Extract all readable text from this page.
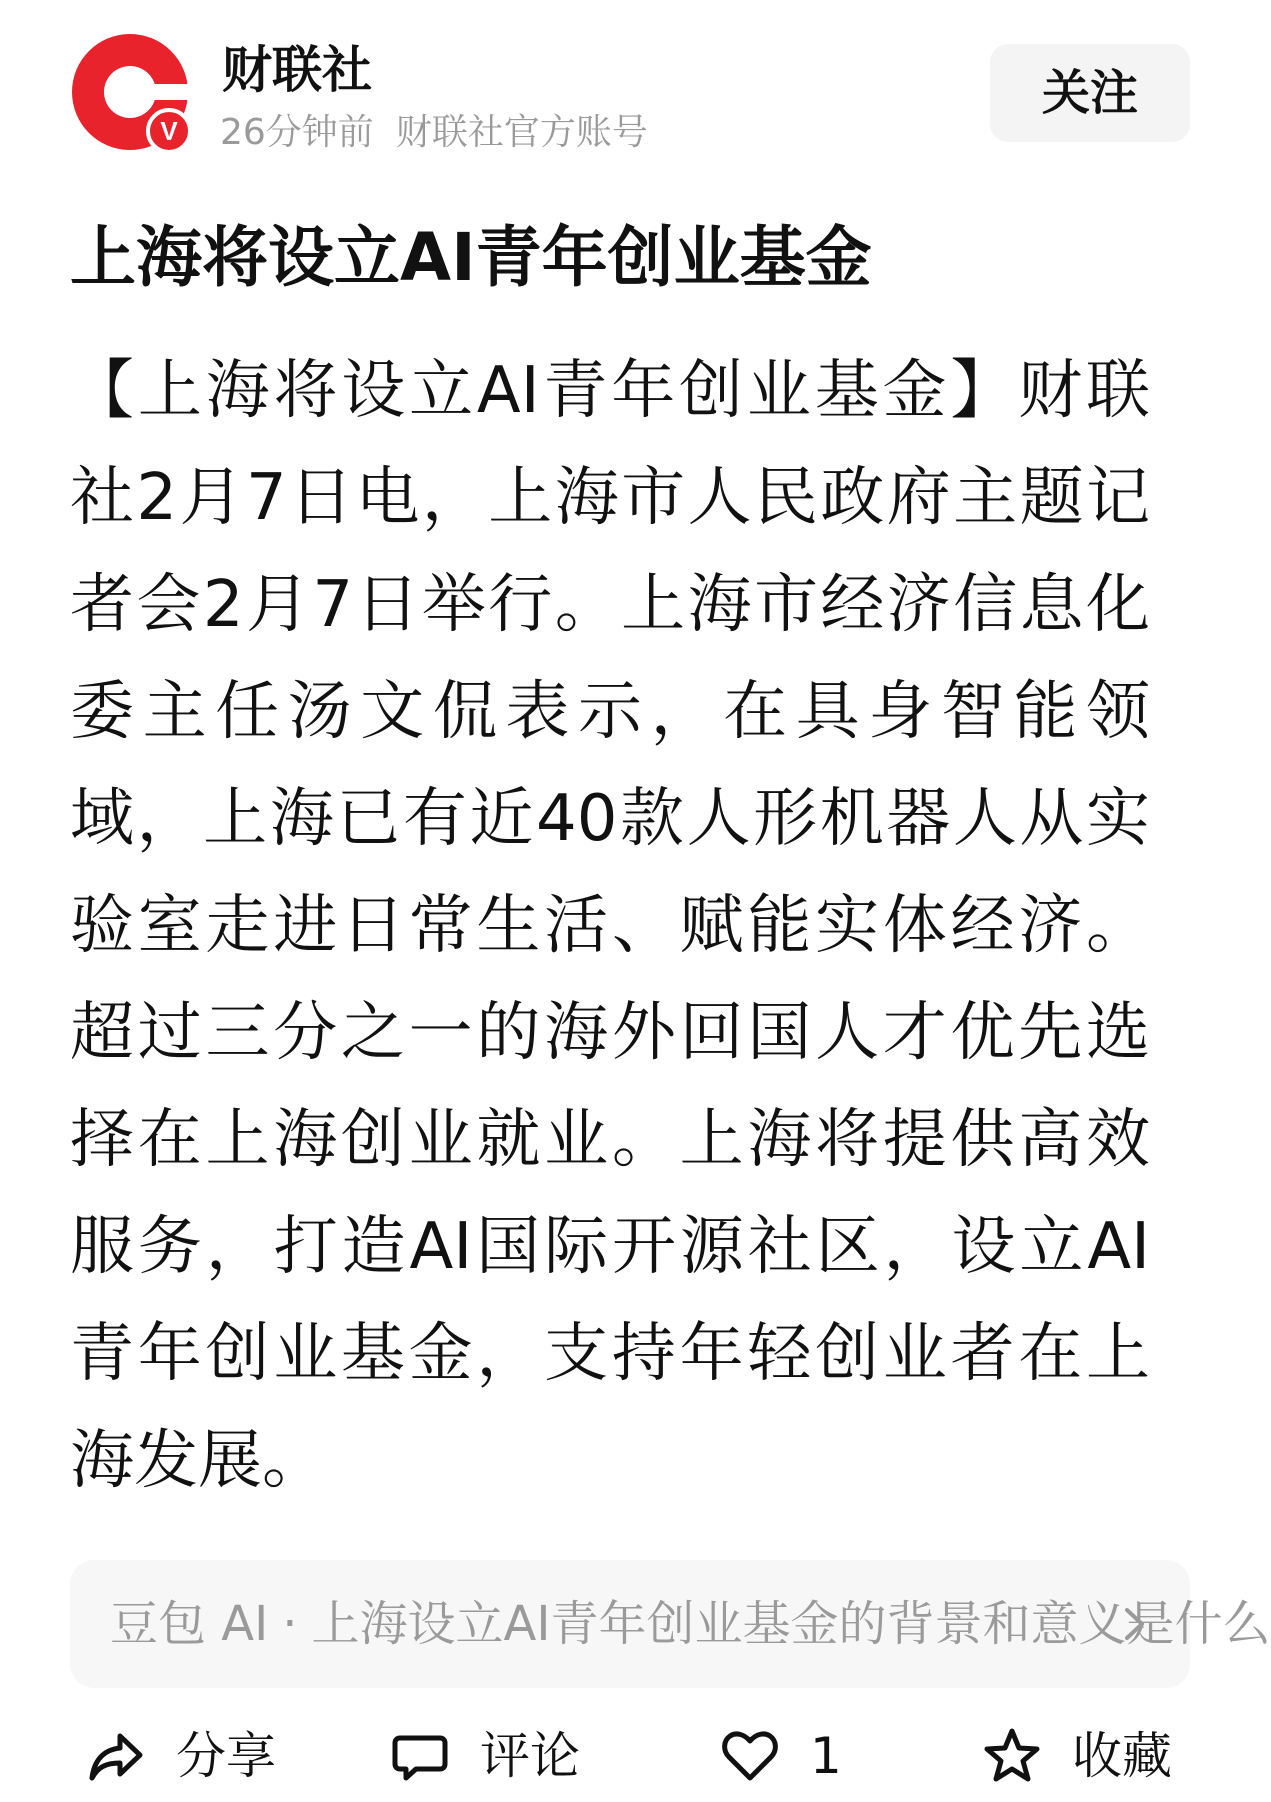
V
财联社
26分钟前 财联社官方账号
关注
上海将设立AI青年创业基金

【上海将设立AI青年创业基金】财联社2月7日电，上海市人民政府主题记者会2月7日举行。上海市经济信息化委主任汤文侃表示，在具身智能领域，上海已有近40款人形机器人从实验室走进日常生活、赋能实体经济。超过三分之一的海外回国人才优先选择在上海创业就业。上海将提供高效服务，打造AI国际开源社区，设立AI青年创业基金，支持年轻创业者在上海发展。

豆包 AI · 上海设立AI青年创业基金的背景和意义是什么
分享	评论	1	收藏
